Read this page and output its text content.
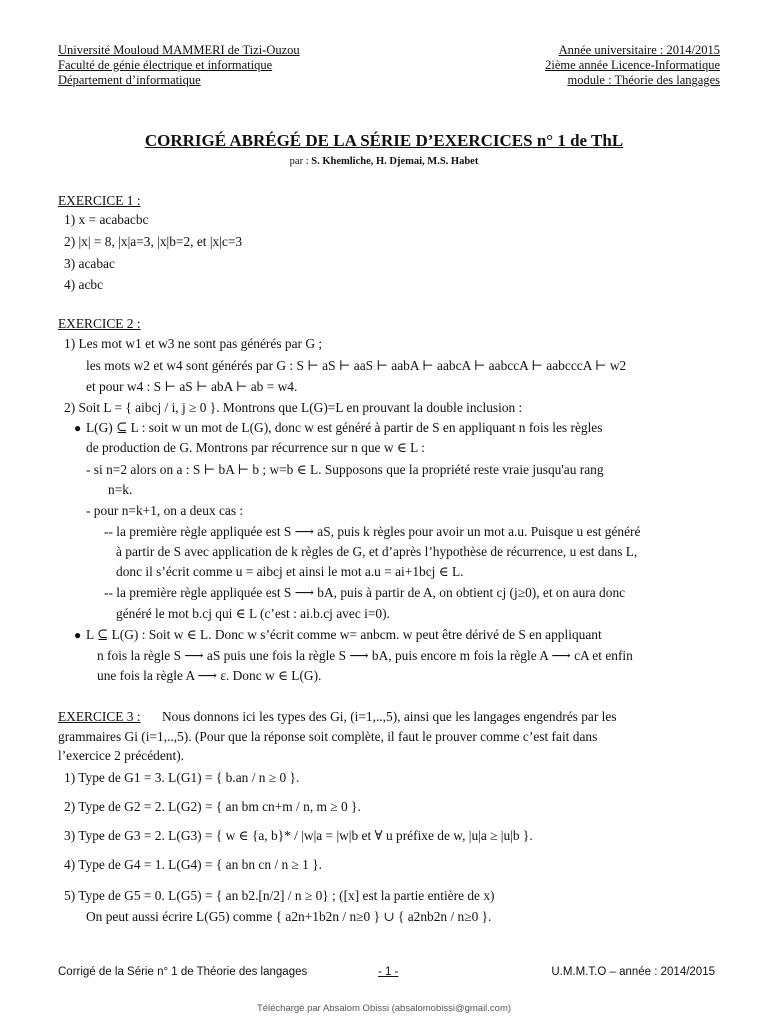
Université Mouloud MAMMERI de Tizi-Ouzou
Faculté de génie électrique et informatique
Département d’informatique
Année universitaire : 2014/2015
2ième année Licence-Informatique
module : Théorie des langages
CORRIGÉ ABRÉGÉ DE LA SÉRIE D’EXERCICES n° 1 de ThL
par : S. Khemliche, H. Djemai, M.S. Habet
EXERCICE 1 :
1) x = acabacbc
2) |x| = 8, |x|a=3, |x|b=2, et |x|c=3
3) acabac
4) acbc
EXERCICE 2 :
1) Les mot w1 et w3 ne sont pas générés par G ;
les mots w2 et w4 sont générés par G : S ⊢ aS ⊢ aaS ⊢ aabA ⊢ aabcA ⊢ aabccA ⊢ aabcccA ⊢ w2
et pour w4 : S ⊢ aS ⊢ abA ⊢ ab = w4.
2) Soit L = { aibcj / i, j ≥ 0 }. Montrons que L(G)=L en prouvant la double inclusion :
● L(G) ⊆ L : soit w un mot de L(G), donc w est généré à partir de S en appliquant n fois les règles
de production de G. Montrons par récurrence sur n que w ∈ L :
- si n=2 alors on a : S ⊢ bA ⊢ b ; w=b ∈ L. Supposons que la propriété reste vraie jusqu'au rang
n=k.
- pour n=k+1, on a deux cas :
-- la première règle appliquée est S ⟶ aS, puis k règles pour avoir un mot a.u. Puisque u est généré
à partir de S avec application de k règles de G, et d’après l’hypothèse de récurrence, u est dans L,
donc il s’écrit comme u = aibcj et ainsi le mot a.u = ai+1bcj ∈ L.
-- la première règle appliquée est S ⟶ bA, puis à partir de A, on obtient cj (j≥0), et on aura donc
généré le mot b.cj qui ∈ L (c’est : ai.b.cj avec i=0).
● L ⊆ L(G) : Soit w ∈ L. Donc w s’écrit comme w= anbcm. w peut être dérivé de S en appliquant
n fois la règle S ⟶ aS puis une fois la règle S ⟶ bA, puis encore m fois la règle A ⟶ cA et enfin
une fois la règle A ⟶ ε. Donc w ∈ L(G).
EXERCICE 3 : Nous donnons ici les types des Gi, (i=1,..,5), ainsi que les langages engendrés par les
grammaires Gi (i=1,..,5). (Pour que la réponse soit complète, il faut le prouver comme c’est fait dans
l’exercice 2 précédent).
1) Type de G1 = 3. L(G1) = { b.an / n ≥ 0 }.
2) Type de G2 = 2. L(G2) = { an bm cn+m / n, m ≥ 0 }.
3) Type de G3 = 2. L(G3) = { w ∈ {a, b}* / |w|a = |w|b et ∀ u préfixe de w, |u|a ≥ |u|b }.
4) Type de G4 = 1. L(G4) = { an bn cn / n ≥ 1 }.
5) Type de G5 = 0. L(G5) = { an b2.[n/2] / n ≥ 0} ; ([x] est la partie entière de x)
On peut aussi écrire L(G5) comme { a2n+1b2n / n≥0 } ∪ { a2nb2n / n≥0 }.
Corrigé de la Série n° 1 de Théorie des langages	- 1 -	U.M.M.T.O – année : 2014/2015
Téléchargé par Absalom Obissi (absalomobissi@gmail.com)
